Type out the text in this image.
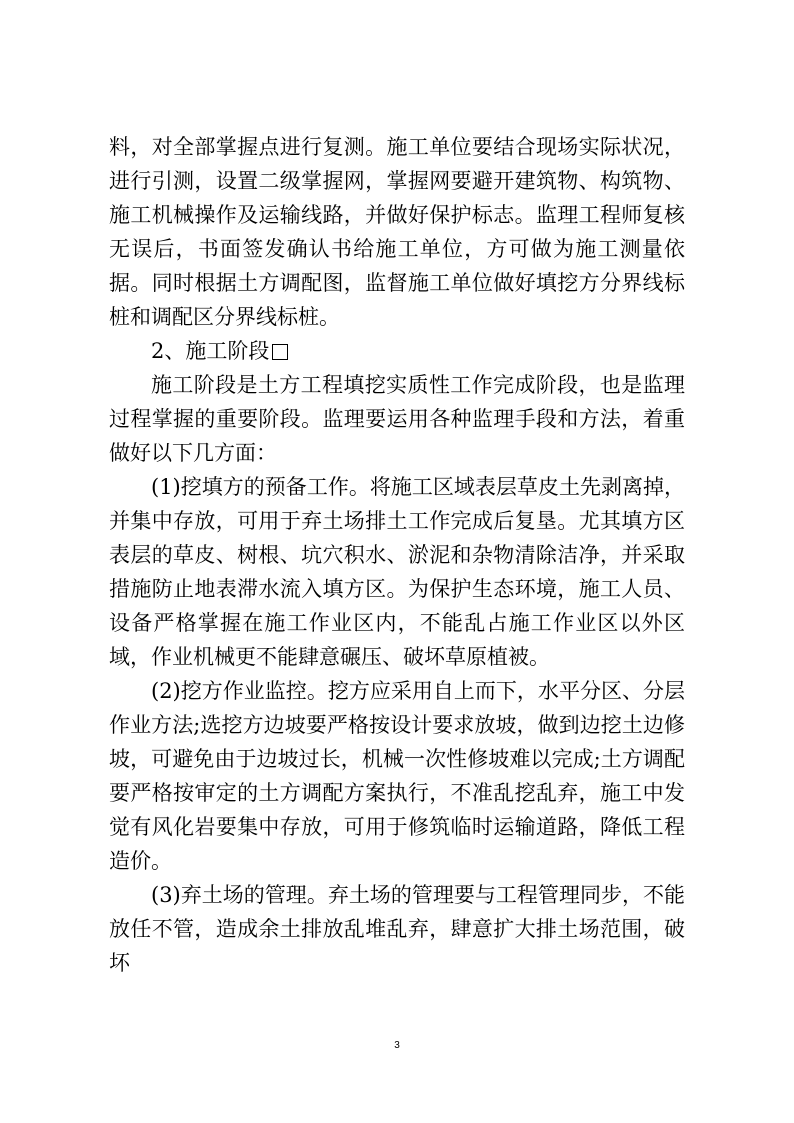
料，对全部掌握点进行复测。施工单位要结合现场实际状况，进行引测，设置二级掌握网，掌握网要避开建筑物、构筑物、施工机械操作及运输线路，并做好保护标志。监理工程师复核无误后，书面签发确认书给施工单位，方可做为施工测量依据。同时根据土方调配图，监督施工单位做好填挖方分界线标桩和调配区分界线标桩。

2、施工阶段

施工阶段是土方工程填挖实质性工作完成阶段，也是监理过程掌握的重要阶段。监理要运用各种监理手段和方法，着重做好以下几方面：

(1)挖填方的预备工作。将施工区域表层草皮土先剥离掉，并集中存放，可用于弃土场排土工作完成后复垦。尤其填方区表层的草皮、树根、坑穴积水、淤泥和杂物清除洁净，并采取措施防止地表滞水流入填方区。为保护生态环境，施工人员、设备严格掌握在施工作业区内，不能乱占施工作业区以外区域，作业机械更不能肆意碾压、破坏草原植被。

(2)挖方作业监控。挖方应采用自上而下，水平分区、分层作业方法;选挖方边坡要严格按设计要求放坡，做到边挖土边修坡，可避免由于边坡过长，机械一次性修坡难以完成;土方调配要严格按审定的土方调配方案执行，不准乱挖乱弃，施工中发觉有风化岩要集中存放，可用于修筑临时运输道路，降低工程造价。

(3)弃土场的管理。弃土场的管理要与工程管理同步，不能放任不管，造成余土排放乱堆乱弃，肆意扩大排土场范围，破坏

3
